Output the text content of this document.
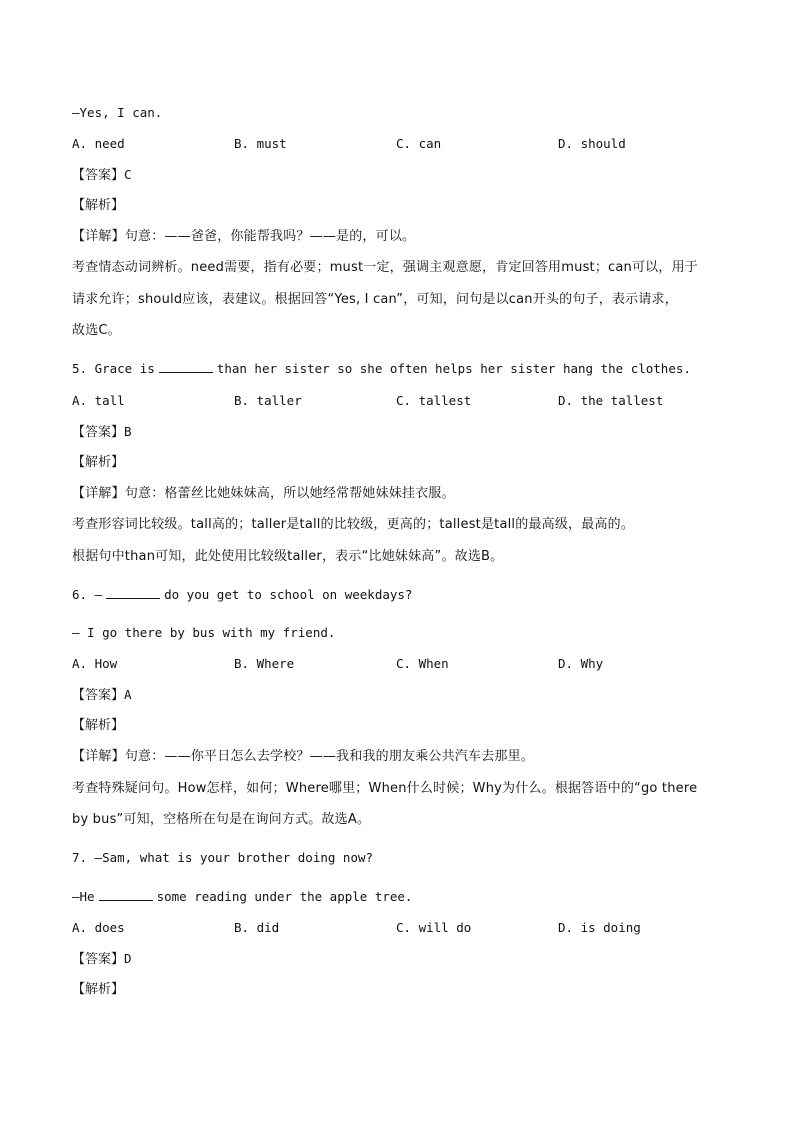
—Yes, I can.
A. need	B. must	C. can	D. should
【答案】C
【解析】
【详解】句意：——爸爸，你能帮我吗？——是的，可以。
考查情态动词辨析。need需要，指有必要；must一定，强调主观意愿，肯定回答用must；can可以，用于
请求允许；should应该，表建议。根据回答“Yes, I can”，可知，问句是以can开头的句子，表示请求，
故选C。
5. Grace is	than her sister so she often helps her sister hang the clothes.
A. tall	B. taller	C. tallest	D. the tallest
【答案】B
【解析】
【详解】句意：格蕾丝比她妹妹高，所以她经常帮她妹妹挂衣服。
考查形容词比较级。tall高的；taller是tall的比较级，更高的；tallest是tall的最高级，最高的。
根据句中than可知，此处使用比较级taller，表示“比她妹妹高”。故选B。
6. —	do you get to school on weekdays?
— I go there by bus with my friend.
A. How	B. Where	C. When	D. Why
【答案】A
【解析】
【详解】句意：——你平日怎么去学校？——我和我的朋友乘公共汽车去那里。
考查特殊疑问句。How怎样，如何；Where哪里；When什么时候；Why为什么。根据答语中的“go there
by bus”可知，空格所在句是在询问方式。故选A。
7. —Sam, what is your brother doing now?
—He	some reading under the apple tree.
A. does	B. did	C. will do	D. is doing
【答案】D
【解析】
